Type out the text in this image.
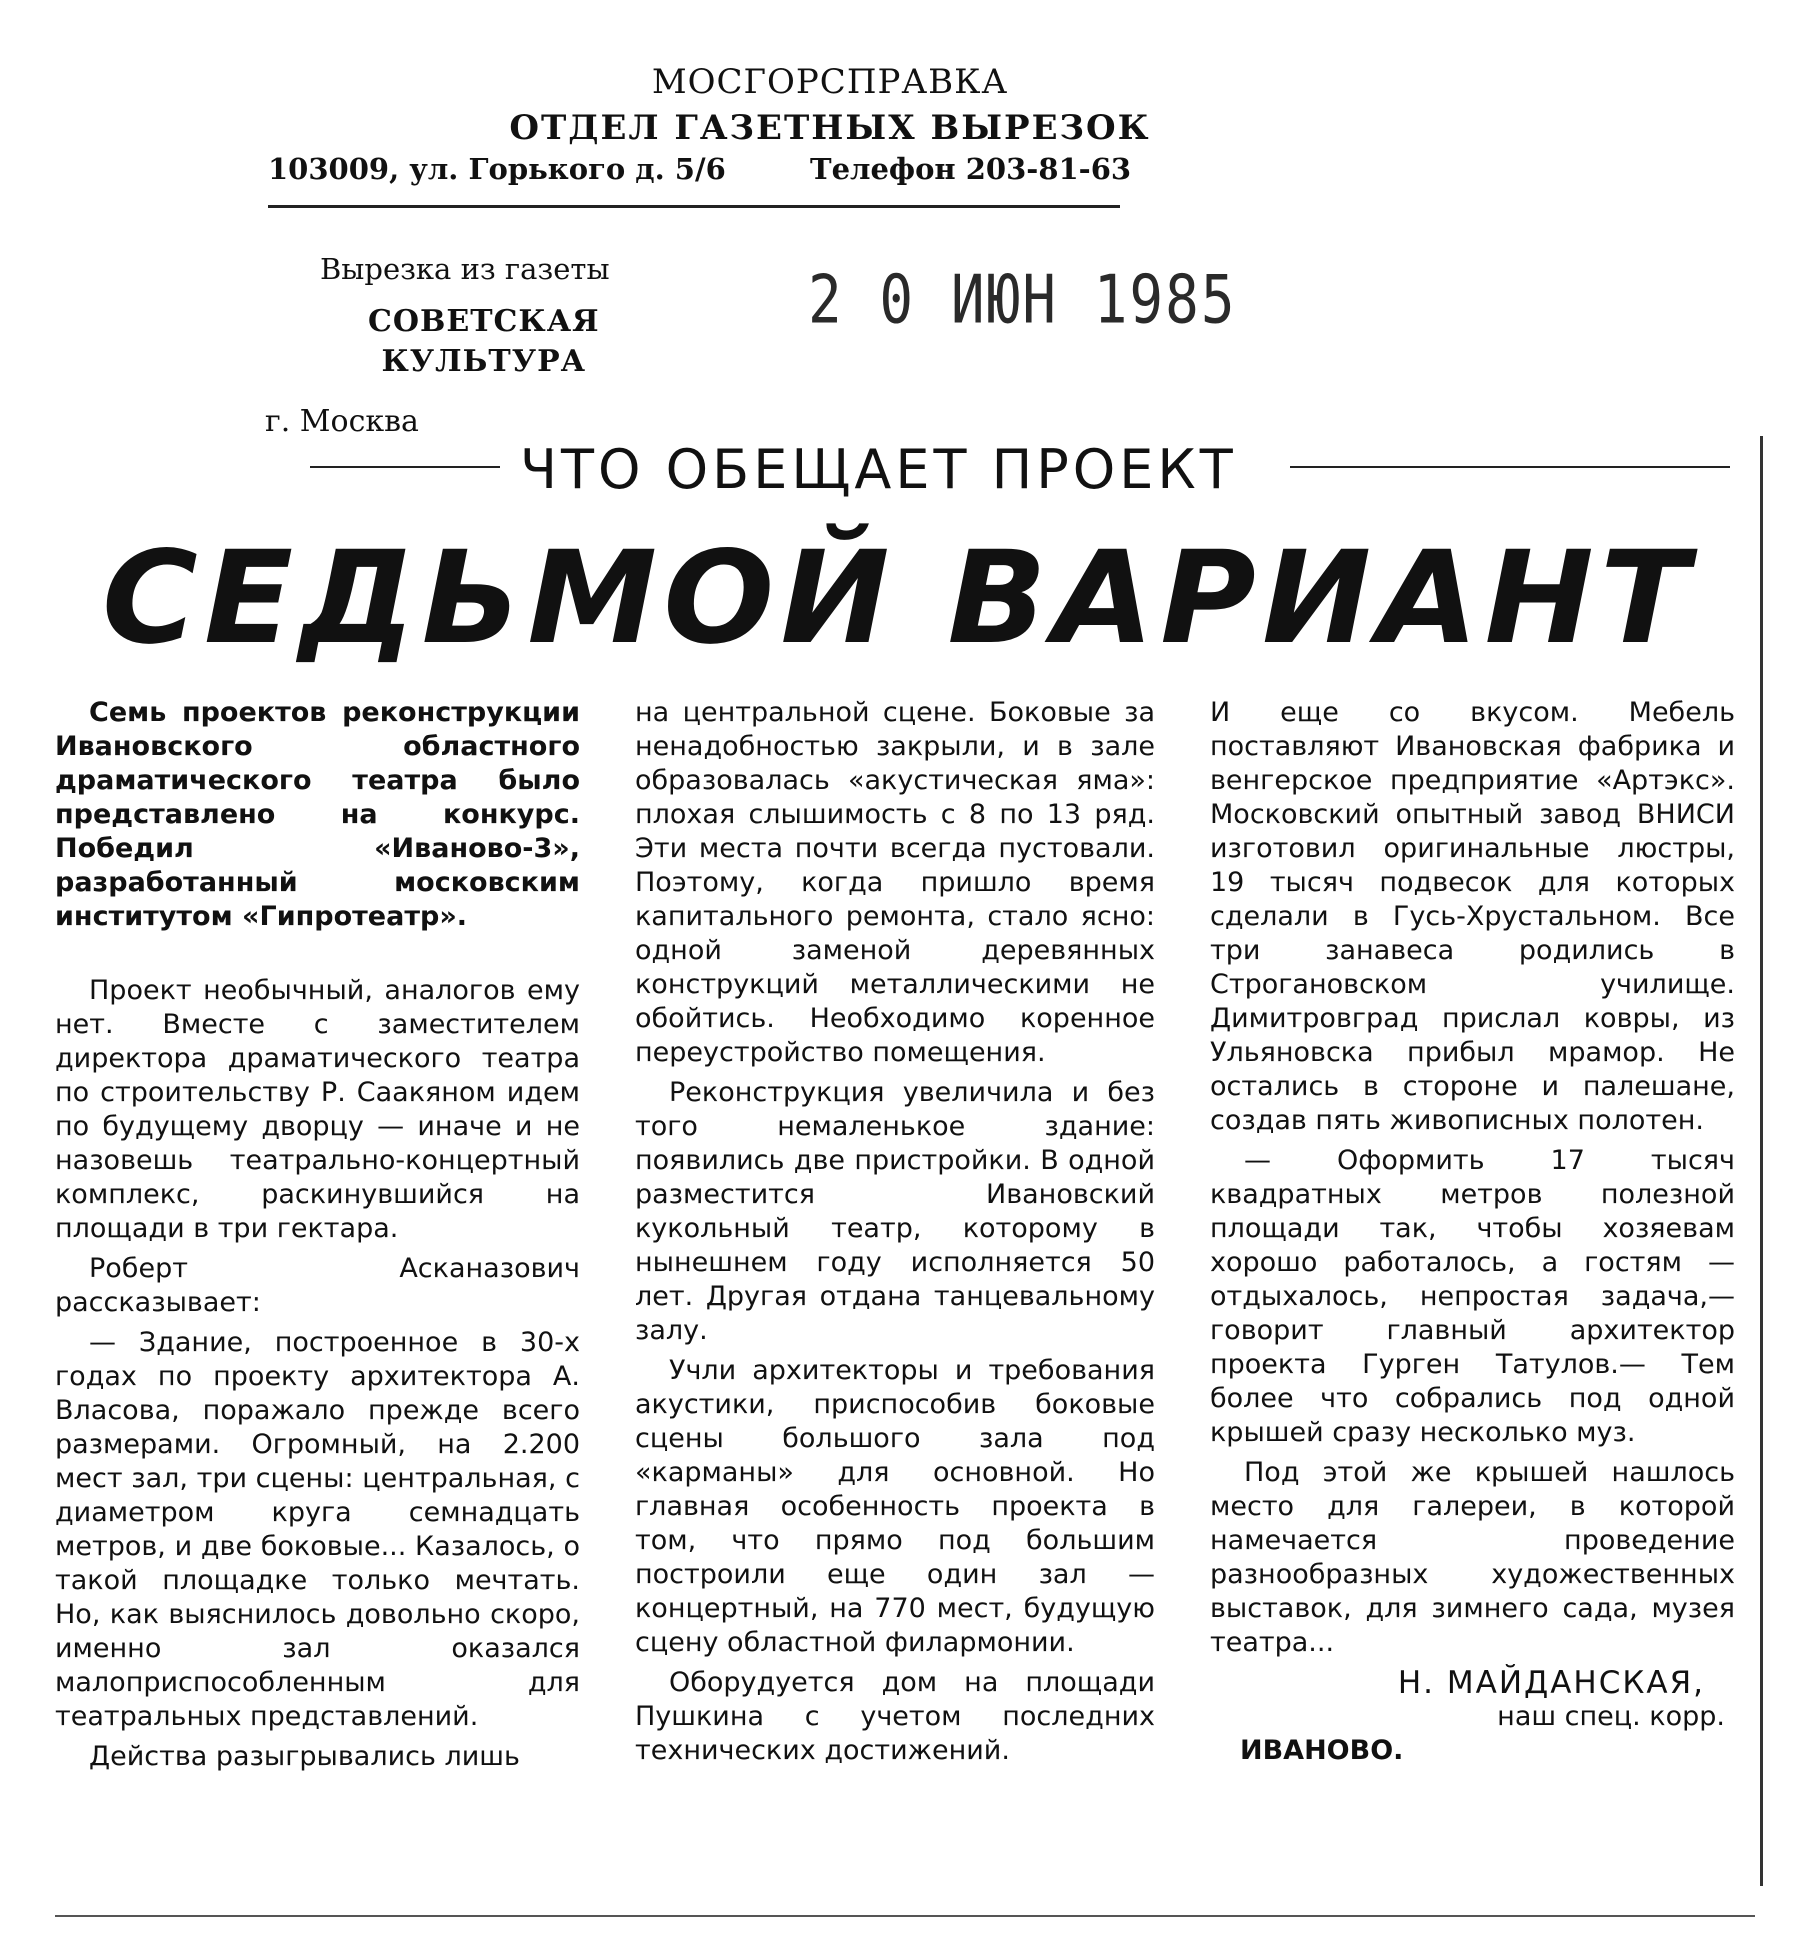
МОСГОРСПРАВКА
ОТДЕЛ ГАЗЕТНЫХ ВЫРЕЗОК
103009, ул. Горького д. 5/6	Телефон 203-81-63
Вырезка из газеты
СОВЕТСКАЯ
КУЛЬТУРА
г. Москва
2 0 ИЮН 1985
ЧТО ОБЕЩАЕТ ПРОЕКТ
СЕДЬМОЙ ВАРИАНТ

Семь проектов реконструкции Ивановского областного драматического театра было представлено на конкурс. Победил «Иваново-3», разработанный московским институтом «Гипротеатр».

Проект необычный, аналогов ему нет. Вместе с заместителем директора драматического театра по строительству Р. Саакяном идем по будущему дворцу — иначе и не назовешь театрально-концертный комплекс, раскинувшийся на площади в три гектара.

Роберт Асканазович рассказывает:

— Здание, построенное в 30-х годах по проекту архитектора А. Власова, поражало прежде всего размерами. Огромный, на 2.200 мест зал, три сцены: центральная, с диаметром круга семнадцать метров, и две боковые... Казалось, о такой площадке только мечтать. Но, как выяснилось довольно скоро, именно зал оказался малоприспособленным для театральных представлений.

Действа разыгрывались лишь

на центральной сцене. Боковые за ненадобностью закрыли, и в зале образовалась «акустическая яма»: плохая слышимость с 8 по 13 ряд. Эти места почти всегда пустовали. Поэтому, когда пришло время капитального ремонта, стало ясно: одной заменой деревянных конструкций металлическими не обойтись. Необходимо коренное переустройство помещения.

Реконструкция увеличила и без того немаленькое здание: появились две пристройки. В одной разместится Ивановский кукольный театр, которому в нынешнем году исполняется 50 лет. Другая отдана танцевальному залу.

Учли архитекторы и требования акустики, приспособив боковые сцены большого зала под «карманы» для основной. Но главная особенность проекта в том, что прямо под большим построили еще один зал — концертный, на 770 мест, будущую сцену областной филармонии.

Оборудуется дом на площади Пушкина с учетом последних технических достижений.

И еще со вкусом. Мебель поставляют Ивановская фабрика и венгерское предприятие «Артэкс». Московский опытный завод ВНИСИ изготовил оригинальные люстры, 19 тысяч подвесок для которых сделали в Гусь-Хрустальном. Все три занавеса родились в Строгановском училище. Димитровград прислал ковры, из Ульяновска прибыл мрамор. Не остались в стороне и палешане, создав пять живописных полотен.

— Оформить 17 тысяч квадратных метров полезной площади так, чтобы хозяевам хорошо работалось, а гостям — отдыхалось, непростая задача,— говорит главный архитектор проекта Гурген Татулов.— Тем более что собрались под одной крышей сразу несколько муз.

Под этой же крышей нашлось место для галереи, в которой намечается проведение разнообразных художественных выставок, для зимнего сада, музея театра...

Н. МАЙДАНСКАЯ,
наш спец. корр.
ИВАНОВО.
